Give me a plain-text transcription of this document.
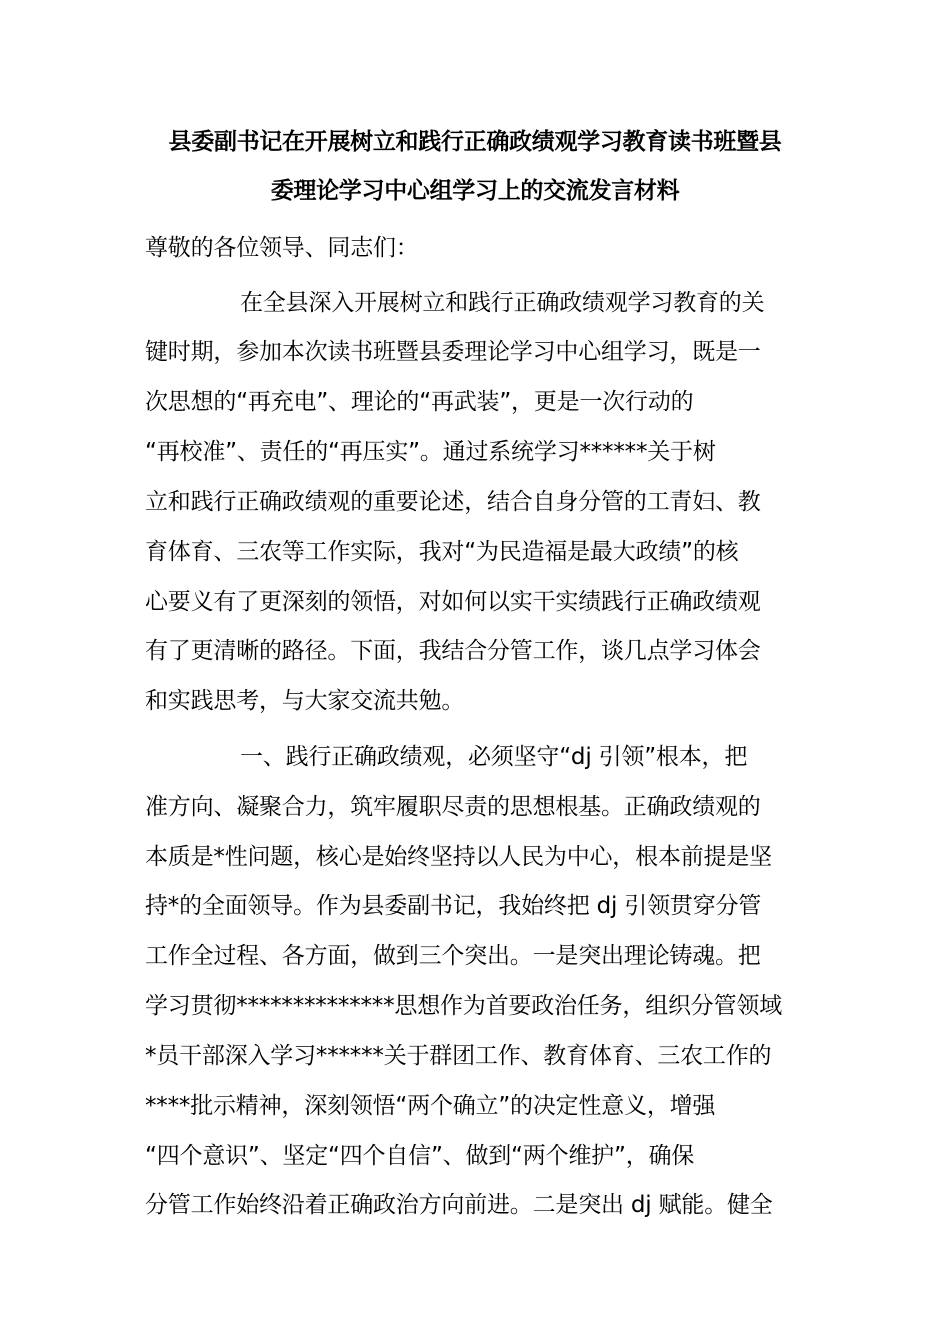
县委副书记在开展树立和践行正确政绩观学习教育读书班暨县
委理论学习中心组学习上的交流发言材料
尊敬的各位领导、同志们：
在全县深入开展树立和践行正确政绩观学习教育的关
键时期，参加本次读书班暨县委理论学习中心组学习，既是一
次思想的“再充电”、理论的“再武装”，更是一次行动的
“再校准”、责任的“再压实”。通过系统学习******关于树
立和践行正确政绩观的重要论述，结合自身分管的工青妇、教
育体育、三农等工作实际，我对“为民造福是最大政绩”的核
心要义有了更深刻的领悟，对如何以实干实绩践行正确政绩观
有了更清晰的路径。下面，我结合分管工作，谈几点学习体会
和实践思考，与大家交流共勉。
一、践行正确政绩观，必须坚守“dj 引领”根本，把
准方向、凝聚合力，筑牢履职尽责的思想根基。正确政绩观的
本质是*性问题，核心是始终坚持以人民为中心，根本前提是坚
持*的全面领导。作为县委副书记，我始终把 dj 引领贯穿分管
工作全过程、各方面，做到三个突出。一是突出理论铸魂。把
学习贯彻**************思想作为首要政治任务，组织分管领域
*员干部深入学习******关于群团工作、教育体育、三农工作的
****批示精神，深刻领悟“两个确立”的决定性意义，增强
“四个意识”、坚定“四个自信”、做到“两个维护”，确保
分管工作始终沿着正确政治方向前进。二是突出 dj 赋能。健全
